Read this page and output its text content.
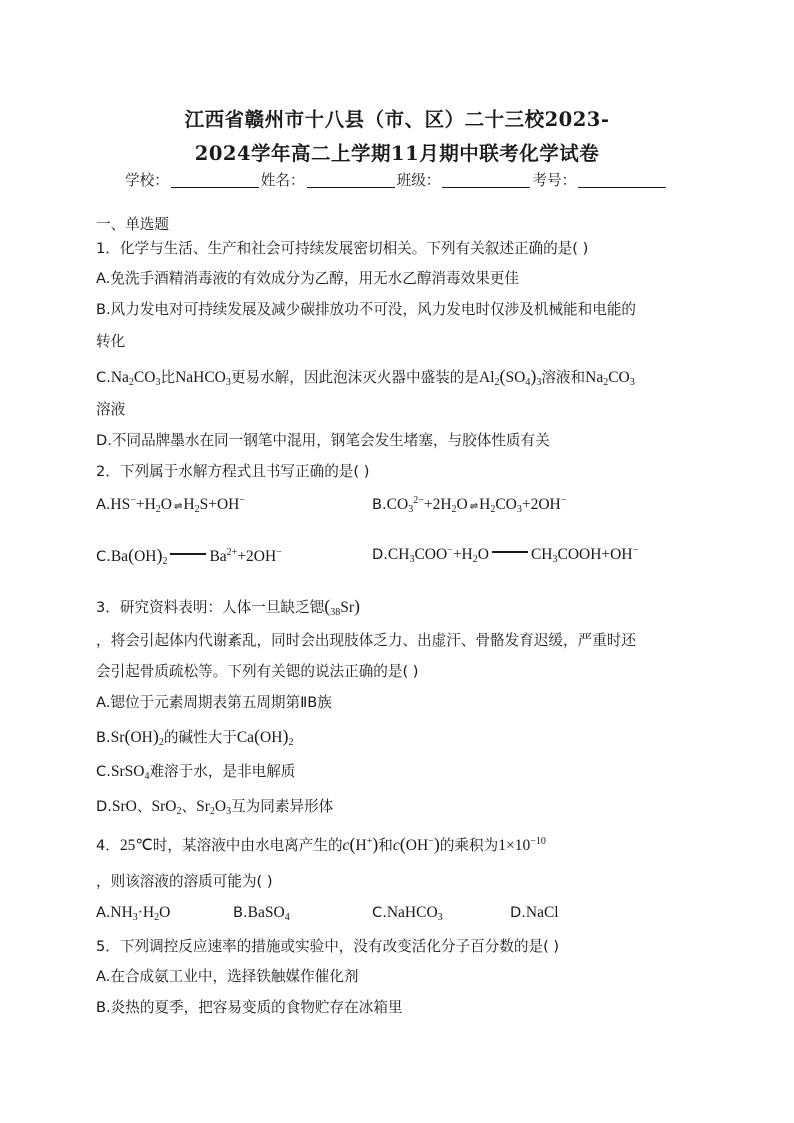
江西省赣州市十八县（市、区）二十三校2023-
2024学年高二上学期11月期中联考化学试卷
学校：	姓名：	班级：	考号：
一、单选题
1．化学与生活、生产和社会可持续发展密切相关。下列有关叙述正确的是( )
A.免洗手酒精消毒液的有效成分为乙醇，用无水乙醇消毒效果更佳
B.风力发电对可持续发展及减少碳排放功不可没，风力发电时仅涉及机械能和电能的
转化
$C.Na_2CO_3$比NaHCO$_3$更易水解，因此泡沫灭火器中盛装的是$Al_2(SO_4)_3$溶液和$Na_2CO_3$
溶液
D.不同品牌墨水在同一钢笔中混用，钢笔会发生堵塞，与胶体性质有关
2．下列属于水解方程式且书写正确的是( )
$A.HS^-+H_2O$ ⇌ $H_2S+OH^-$	$B.CO_3^{2-}+2H_2O$ ⇌ $H_2CO_3+2OH^-$
$C.Ba(OH)_2$	$Ba^{2+}+2OH^-$	$D.CH_3COO^-+H_2O$	$CH_3COOH+OH^-$
3．研究资料表明：人体一旦缺乏锶$(_{38}Sr)$
，将会引起体内代谢紊乱，同时会出现肢体乏力、出虚汗、骨骼发育迟缓，严重时还
会引起骨质疏松等。下列有关锶的说法正确的是( )
A.锶位于元素周期表第五周期第ⅡB族
$B.Sr(OH)_2$的碱性大于$Ca(OH)_2$
C.SrSO$_4$难溶于水，是非电解质
D.SrO、SrO$_2$、$Sr_2O_3$互为同素异形体
4．25℃时，某溶液中由水电离产生的c(H+)和c(OH−)的乘积为$1\times 10^{-10}$
，则该溶液的溶质可能为( )
$A.NH_3\cdot H_2O$	B.BaSO$_4$	C.NaHCO$_3$	D.NaCl
5．下列调控反应速率的措施或实验中，没有改变活化分子百分数的是( )
A.在合成氨工业中，选择铁触媒作催化剂
B.炎热的夏季，把容易变质的食物贮存在冰箱里
